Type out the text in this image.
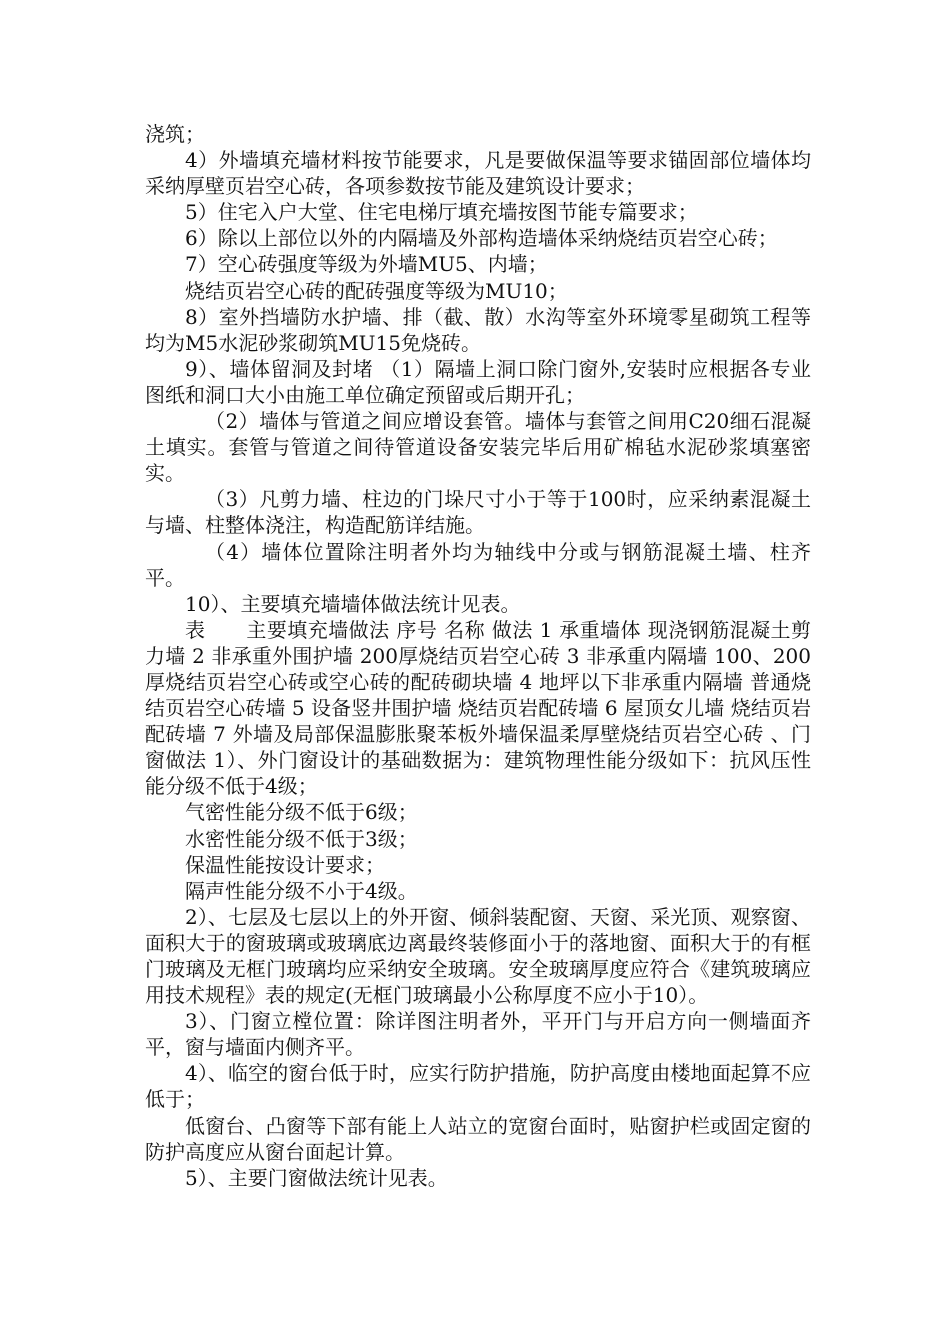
浇筑；

4）外墙填充墙材料按节能要求，凡是要做保温等要求锚固部位墙体均采纳厚壁页岩空心砖，各项参数按节能及建筑设计要求；

5）住宅入户大堂、住宅电梯厅填充墙按图节能专篇要求；

6）除以上部位以外的内隔墙及外部构造墙体采纳烧结页岩空心砖；

7）空心砖强度等级为外墙MU5、内墙；

烧结页岩空心砖的配砖强度等级为MU10；

8）室外挡墙防水护墙、排（截、散）水沟等室外环境零星砌筑工程等均为M5水泥砂浆砌筑MU15免烧砖。

9）、墙体留洞及封堵 （1）隔墙上洞口除门窗外,安装时应根据各专业图纸和洞口大小由施工单位确定预留或后期开孔；

（2）墙体与管道之间应增设套管。墙体与套管之间用C20细石混凝土填实。套管与管道之间待管道设备安装完毕后用矿棉毡水泥砂浆填塞密实。

（3）凡剪力墙、柱边的门垛尺寸小于等于100时，应采纳素混凝土与墙、柱整体浇注，构造配筋详结施。

（4）墙体位置除注明者外均为轴线中分或与钢筋混凝土墙、柱齐平。

10）、主要填充墙墙体做法统计见表。

表　　主要填充墙做法 序号 名称 做法 1 承重墙体 现浇钢筋混凝土剪力墙 2 非承重外围护墙 200厚烧结页岩空心砖 3 非承重内隔墙 100、200厚烧结页岩空心砖或空心砖的配砖砌块墙 4 地坪以下非承重内隔墙 普通烧结页岩空心砖墙 5 设备竖井围护墙 烧结页岩配砖墙 6 屋顶女儿墙 烧结页岩配砖墙 7 外墙及局部保温膨胀聚苯板外墙保温柔厚壁烧结页岩空心砖 、门窗做法 1）、外门窗设计的基础数据为：建筑物理性能分级如下：抗风压性能分级不低于4级；

气密性能分级不低于6级；

水密性能分级不低于3级；

保温性能按设计要求；

隔声性能分级不小于4级。

2）、七层及七层以上的外开窗、倾斜装配窗、天窗、采光顶、观察窗、面积大于的窗玻璃或玻璃底边离最终装修面小于的落地窗、面积大于的有框门玻璃及无框门玻璃均应采纳安全玻璃。安全玻璃厚度应符合《建筑玻璃应用技术规程》表的规定(无框门玻璃最小公称厚度不应小于10）。

3）、门窗立樘位置：除详图注明者外，平开门与开启方向一侧墙面齐平，窗与墙面内侧齐平。

4）、临空的窗台低于时，应实行防护措施，防护高度由楼地面起算不应低于；

低窗台、凸窗等下部有能上人站立的宽窗台面时，贴窗护栏或固定窗的防护高度应从窗台面起计算。

5）、主要门窗做法统计见表。
